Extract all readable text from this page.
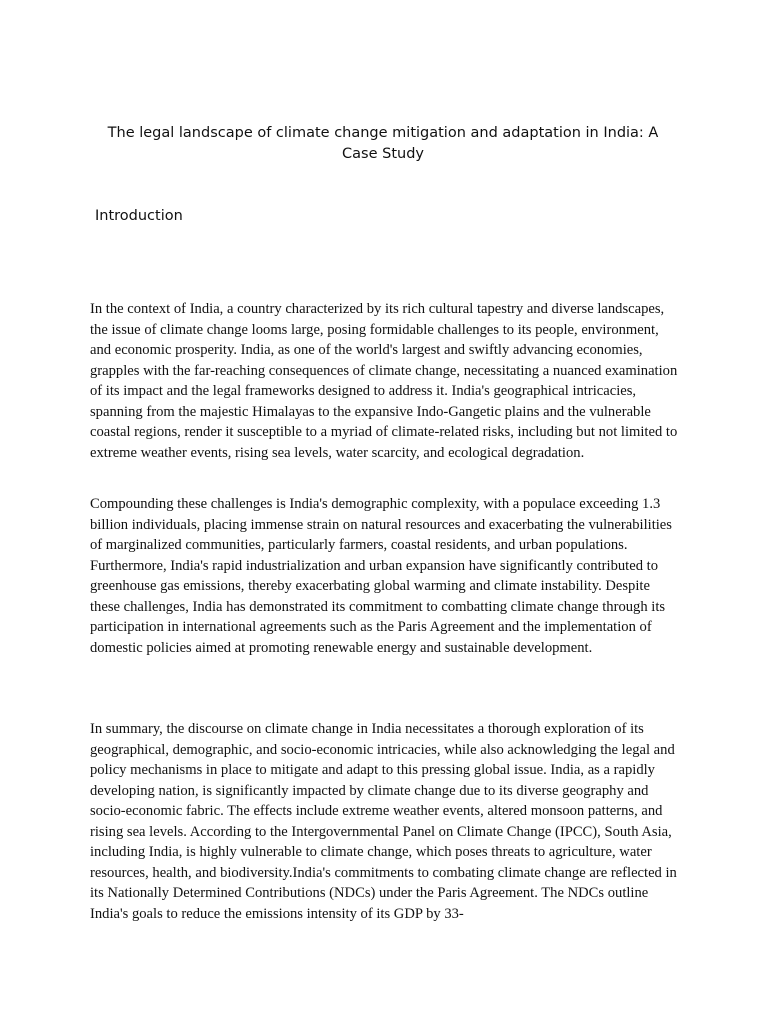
The legal landscape of climate change mitigation and adaptation in India: A Case Study
Introduction

In the context of India, a country characterized by its rich cultural tapestry and diverse landscapes, the issue of climate change looms large, posing formidable challenges to its people, environment, and economic prosperity. India, as one of the world's largest and swiftly advancing economies, grapples with the far-reaching consequences of climate change, necessitating a nuanced examination of its impact and the legal frameworks designed to address it. India's geographical intricacies, spanning from the majestic Himalayas to the expansive Indo-Gangetic plains and the vulnerable coastal regions, render it susceptible to a myriad of climate-related risks, including but not limited to extreme weather events, rising sea levels, water scarcity, and ecological degradation.

Compounding these challenges is India's demographic complexity, with a populace exceeding 1.3 billion individuals, placing immense strain on natural resources and exacerbating the vulnerabilities of marginalized communities, particularly farmers, coastal residents, and urban populations. Furthermore, India's rapid industrialization and urban expansion have significantly contributed to greenhouse gas emissions, thereby exacerbating global warming and climate instability. Despite these challenges, India has demonstrated its commitment to combatting climate change through its participation in international agreements such as the Paris Agreement and the implementation of domestic policies aimed at promoting renewable energy and sustainable development.

In summary, the discourse on climate change in India necessitates a thorough exploration of its geographical, demographic, and socio-economic intricacies, while also acknowledging the legal and policy mechanisms in place to mitigate and adapt to this pressing global issue. India, as a rapidly developing nation, is significantly impacted by climate change due to its diverse geography and socio-economic fabric. The effects include extreme weather events, altered monsoon patterns, and rising sea levels. According to the Intergovernmental Panel on Climate Change (IPCC), South Asia, including India, is highly vulnerable to climate change, which poses threats to agriculture, water resources, health, and biodiversity.India's commitments to combating climate change are reflected in its Nationally Determined Contributions (NDCs) under the Paris Agreement. The NDCs outline India's goals to reduce the emissions intensity of its GDP by 33-
